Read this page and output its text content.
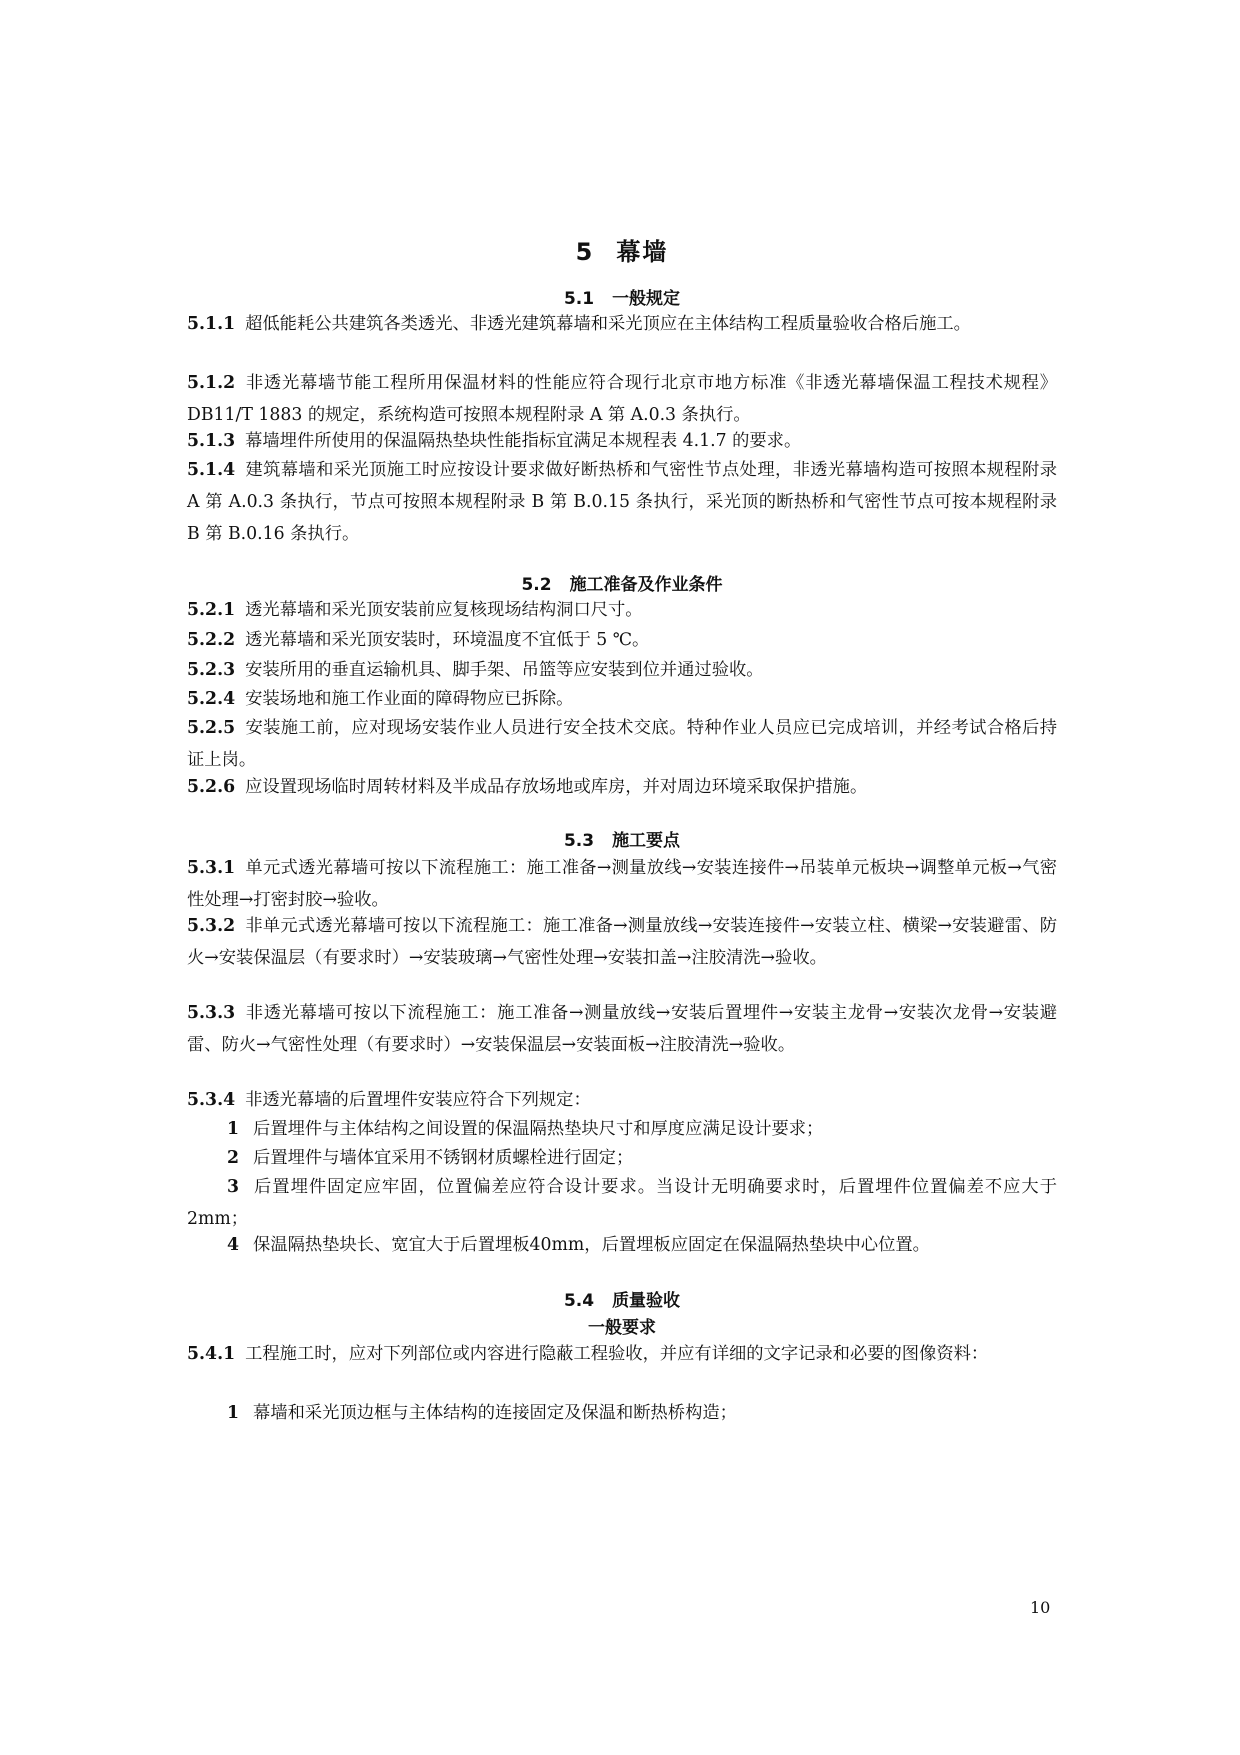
5 幕墙
5.1 一般规定
5.1.1 超低能耗公共建筑各类透光、非透光建筑幕墙和采光顶应在主体结构工程质量验收合格后施工。
5.1.2 非透光幕墙节能工程所用保温材料的性能应符合现行北京市地方标准《非透光幕墙保温工程技术规程》DB11/T 1883 的规定，系统构造可按照本规程附录 A 第 A.0.3 条执行。
5.1.3 幕墙埋件所使用的保温隔热垫块性能指标宜满足本规程表 4.1.7 的要求。
5.1.4 建筑幕墙和采光顶施工时应按设计要求做好断热桥和气密性节点处理，非透光幕墙构造可按照本规程附录 A 第 A.0.3 条执行，节点可按照本规程附录 B 第 B.0.15 条执行，采光顶的断热桥和气密性节点可按本规程附录 B 第 B.0.16 条执行。
5.2 施工准备及作业条件
5.2.1 透光幕墙和采光顶安装前应复核现场结构洞口尺寸。
5.2.2 透光幕墙和采光顶安装时，环境温度不宜低于 5 ℃。
5.2.3 安装所用的垂直运输机具、脚手架、吊篮等应安装到位并通过验收。
5.2.4 安装场地和施工作业面的障碍物应已拆除。
5.2.5 安装施工前，应对现场安装作业人员进行安全技术交底。特种作业人员应已完成培训，并经考试合格后持证上岗。
5.2.6 应设置现场临时周转材料及半成品存放场地或库房，并对周边环境采取保护措施。
5.3 施工要点
5.3.1 单元式透光幕墙可按以下流程施工：施工准备→测量放线→安装连接件→吊装单元板块→调整单元板→气密性处理→打密封胶→验收。
5.3.2 非单元式透光幕墙可按以下流程施工：施工准备→测量放线→安装连接件→安装立柱、横梁→安装避雷、防火→安装保温层（有要求时）→安装玻璃→气密性处理→安装扣盖→注胶清洗→验收。
5.3.3 非透光幕墙可按以下流程施工：施工准备→测量放线→安装后置埋件→安装主龙骨→安装次龙骨→安装避雷、防火→气密性处理（有要求时）→安装保温层→安装面板→注胶清洗→验收。
5.3.4 非透光幕墙的后置埋件安装应符合下列规定：
1 后置埋件与主体结构之间设置的保温隔热垫块尺寸和厚度应满足设计要求；
2 后置埋件与墙体宜采用不锈钢材质螺栓进行固定；
3 后置埋件固定应牢固，位置偏差应符合设计要求。当设计无明确要求时，后置埋件位置偏差不应大于2mm；
4 保温隔热垫块长、宽宜大于后置埋板40mm，后置埋板应固定在保温隔热垫块中心位置。
5.4 质量验收
一般要求
5.4.1 工程施工时，应对下列部位或内容进行隐蔽工程验收，并应有详细的文字记录和必要的图像资料：
1 幕墙和采光顶边框与主体结构的连接固定及保温和断热桥构造；
10
